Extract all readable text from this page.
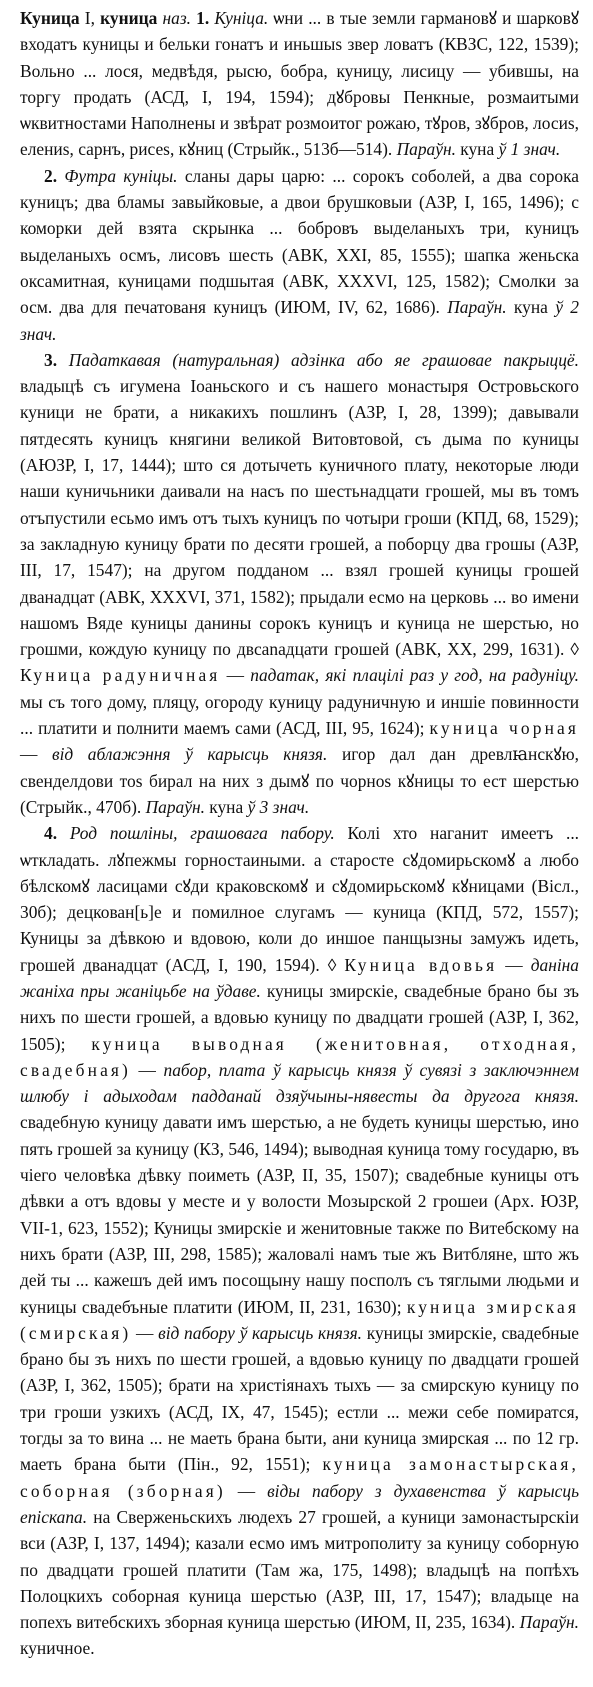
Куница I, куница наз. 1. Куніца. ѡни ... в тые земли гармановꙋ и шарковꙋ входатъ куницы и бельки гонатъ и иньшыѕ звер ловатъ (КВЗС, 122, 1539); Вольно ... лося, медвѣдя, рысю, бобра, куницу, лисицу — убившы, на торгу продать (АСД, I, 194, 1594); дꙋбровы Пенкные, розмаитыми ѡквитностами Наполнены и звѣрат розмоитог рожаю, тꙋров, зꙋбров, лосиѕ, елениѕ, сарнъ, рисеѕ, кꙋниц (Стрыйк., 513б—514). Параўн. куна ў 1 знач.

2. Футра куніцы. сланы дары царю: ... сорокъ соболей, а два сорока куницъ; два бламы завыйковые, а двои брушковыи (АЗР, I, 165, 1496); с коморки дей взята скрынка ... бобровъ выделаныхъ три, куницъ выделаныхъ осмъ, лисовъ шесть (АВК, XXI, 85, 1555); шапка женьска оксамитная, куницами подшытая (АВК, XXXVI, 125, 1582); Смолки за осм. два для печатованя куницъ (ИЮМ, IV, 62, 1686). Параўн. куна ў 2 знач.

3. Падаткавая (натуральная) адзінка або яе грашовае пакрыццё. владыцѣ съ игумена Іоаньского и съ нашего монастыря Островьского куници не брати, а никакихъ пошлинъ (АЗР, I, 28, 1399); давывали пятдесять куницъ княгини великой Витовтовой, съ дыма по куницы (АЮЗР, I, 17, 1444); што ся дотычеть куничного плату, некоторые люди наши куничьники даивали на насъ по шестьнадцати грошей, мы въ томъ отъпустили есьмо имъ отъ тыхъ куницъ по чотыри гроши (КПД, 68, 1529); за закладную куницу брати по десяти грошей, а поборцу два грошы (АЗР, III, 17, 1547); на другом подданом ... взял грошей куницы грошей дванадцат (АВК, XXXVI, 371, 1582); прыдали есмо на церковь ... во имени нашомъ Вяде куницы данины сорокъ куницъ и куница не шерстью, но грошми, кождую куницу по двcanадцати грошей (АВК, XX, 299, 1631). ◊ Куница радуничная — падатак, які плацілі раз у год, на радуніцу. мы съ того дому, пляцу, огороду куницу радуничную и иншіе повинности ... платити и полнити маемъ сами (АСД, III, 95, 1624); куница чорная — від аблажэння ў карысць князя. игор дал дан древлꙗнскꙋю, свенделдови тоѕ бирал на них з дымꙋ по чорноѕ кꙋницы то ест шерстью (Стрыйк., 470б). Параўн. куна ў 3 знач.

4. Род пошліны, грашовага пабору. Колі хто наганит имеетъ ... ѡткладать. лꙋпежмы горностаиными. а старосте сꙋдомирьскомꙋ а любо бѣлскомꙋ ласицами сꙋди краковскомꙋ и сꙋдомирьскомꙋ кꙋницами (Вісл., 30б); децкован[ь]е и помилное слугамъ — куница (КПД, 572, 1557); Куницы за дѣвкою и вдовою, коли до иншое панщызны замужъ идеть, грошей дванадцат (АСД, I, 190, 1594). ◊ Куница вдовья — даніна жаніха пры жаніцьбе на ўдаве. куницы змирскіе, свадебные брано бы зъ нихъ по шести грошей, а вдовью куницу по двадцати грошей (АЗР, I, 362, 1505); куница выводная (женитовная, отходная, свадебная) — пабор, плата ў карысць князя ў сувязі з заключэннем шлюбу і адыходам падданай дзяўчыны-нявесты да другога князя. свадебную куницу давати имъ шерстью, а не будеть куницы шерстью, ино пять грошей за куницу (КЗ, 546, 1494); выводная куница тому государю, въ чіего человѣка дѣвку поиметь (АЗР, II, 35, 1507); свадебные куницы отъ дѣвки а отъ вдовы у месте и у волости Мозырской 2 грошеи (Арх. ЮЗР, VII-1, 623, 1552); Куницы змирскіе и женитовные также по Витебскому на нихъ брати (АЗР, III, 298, 1585); жаловалі намъ тые жъ Витбляне, што жъ дей ты ... кажешъ дей имъ посощыну нашу посполъ съ тяглыми людьми и куницы свадебъные платити (ИЮМ, II, 231, 1630); куница змирская (смирская) — від пабору ў карысць князя. куницы змирскіе, свадебные брано бы зъ нихъ по шести грошей, а вдовью куницу по двадцати грошей (АЗР, I, 362, 1505); брати на христіянахъ тыхъ — за смирскую куницу по три гроши узкихъ (АСД, IX, 47, 1545); естли ... межи себе помиратся, тогды за то вина ... не маеть брана быти, ани куница змирская ... по 12 гр. маеть брана быти (Пін., 92, 1551); куница замонастырская, соборная (зборная) — віды пабору з духавенства ў карысць епіскапа. на Сверженьскихъ людехъ 27 грошей, а куници замонастырскіи вси (АЗР, I, 137, 1494); казали есмо имъ митрополиту за куницу соборную по двадцати грошей платити (Там жа, 175, 1498); владыцѣ на попѣхъ Полоцкихъ соборная куница шерстью (АЗР, III, 17, 1547); владыце на попехъ витебскихъ зборная куница шерстью (ИЮМ, II, 235, 1634). Параўн. куничное.
